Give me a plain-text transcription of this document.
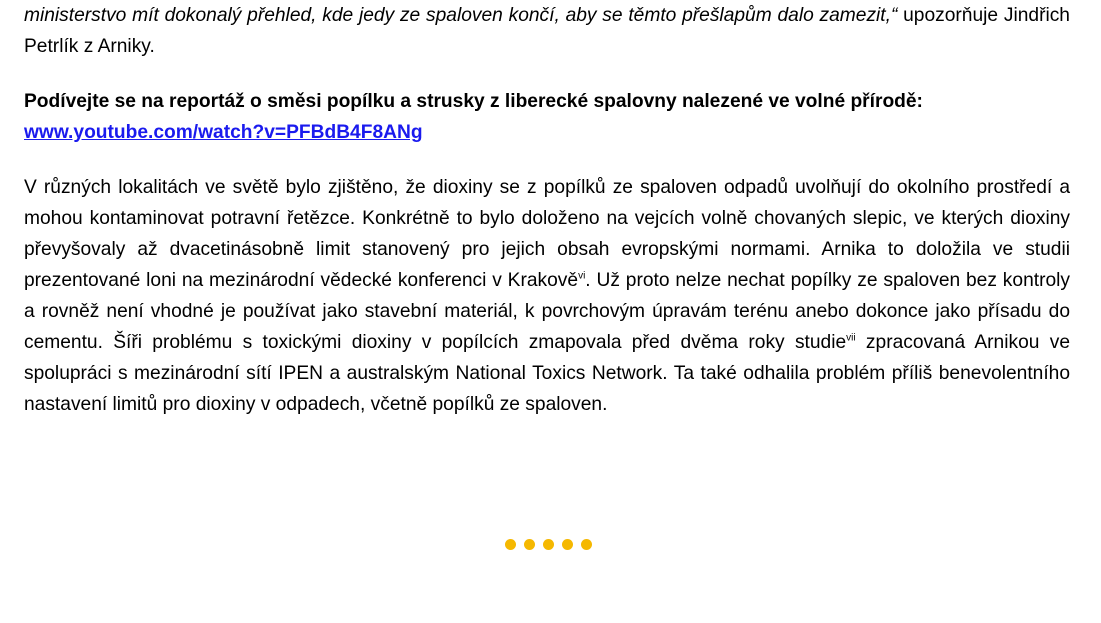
ministerstvo mít dokonalý přehled, kde jedy ze spaloven končí, aby se těmto přešlapům dalo zamezit,“ upozorňuje Jindřich Petrlík z Arniky.

Podívejte se na reportáž o směsi popílku a strusky z liberecké spalovny nalezené ve volné přírodě:
www.youtube.com/watch?v=PFBdB4F8ANg

V různých lokalitách ve světě bylo zjištěno, že dioxiny se z popílků ze spaloven odpadů uvolňují do okolního prostředí a mohou kontaminovat potravní řetězce. Konkrétně to bylo doloženo na vejcích volně chovaných slepic, ve kterých dioxiny převyšovaly až dvacetinásobně limit stanovený pro jejich obsah evropskými normami. Arnika to doložila ve studii prezentované loni na mezinárodní vědecké konferenci v Krakově$^{vi}$. Už proto nelze nechat popílky ze spaloven bez kontroly a rovněž není vhodné je používat jako stavební materiál, k povrchovým úpravám terénu anebo dokonce jako přísadu do cementu. Šíři problému s toxickými dioxiny v popílcích zmapovala před dvěma roky studie$^{vii}$ zpracovaná Arnikou ve spolupráci s mezinárodní sítí IPEN a australským National Toxics Network. Ta také odhalila problém příliš benevolentního nastavení limitů pro dioxiny v odpadech, včetně popílků ze spaloven.
